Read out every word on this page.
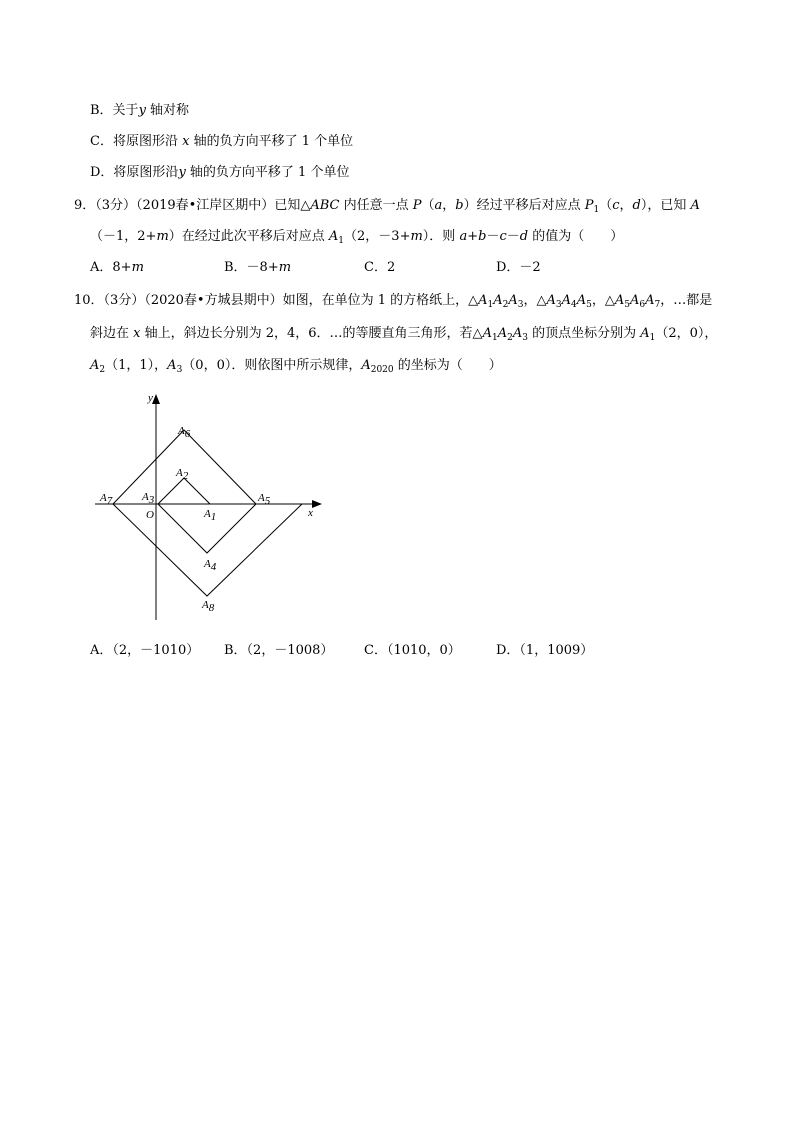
B．关于y 轴对称
C．将原图形沿 x 轴的负方向平移了 1 个单位
D．将原图形沿y 轴的负方向平移了 1 个单位
9．（3分）（2019春•江岸区期中）已知△ABC 内任意一点 P（a，b）经过平移后对应点 $P_1(c$，d），已知 A
（－1，2+m）在经过此次平移后对应点 $A_1(2$，－3+m）．则 a+b－c－d 的值为（　　）
A．8+m	B．－8+m	C．2	D．－2
10．（3分）（2020春•方城县期中）如图，在单位为 1 的方格纸上，$\triangle A_1A_2A_3$，$\triangle A_3A_4A_5$，$\triangle A_5A_6A_7$，…都是
斜边在 x 轴上，斜边长分别为 2，4，6．…的等腰直角三角形，若$\triangle A_1A_2A_3$ 的顶点坐标分别为 $A_1(2$，0），
$A_2(1$，1），$A_3(0$，0）．则依图中所示规律，$A_{2020}$ 的坐标为（　　）
y
x
O
A6
A2
A3
A7	A5
A1
A4
A8
A．（2，－1010） B．（2，－1008） C．（1010，0）	D．（1，1009）
